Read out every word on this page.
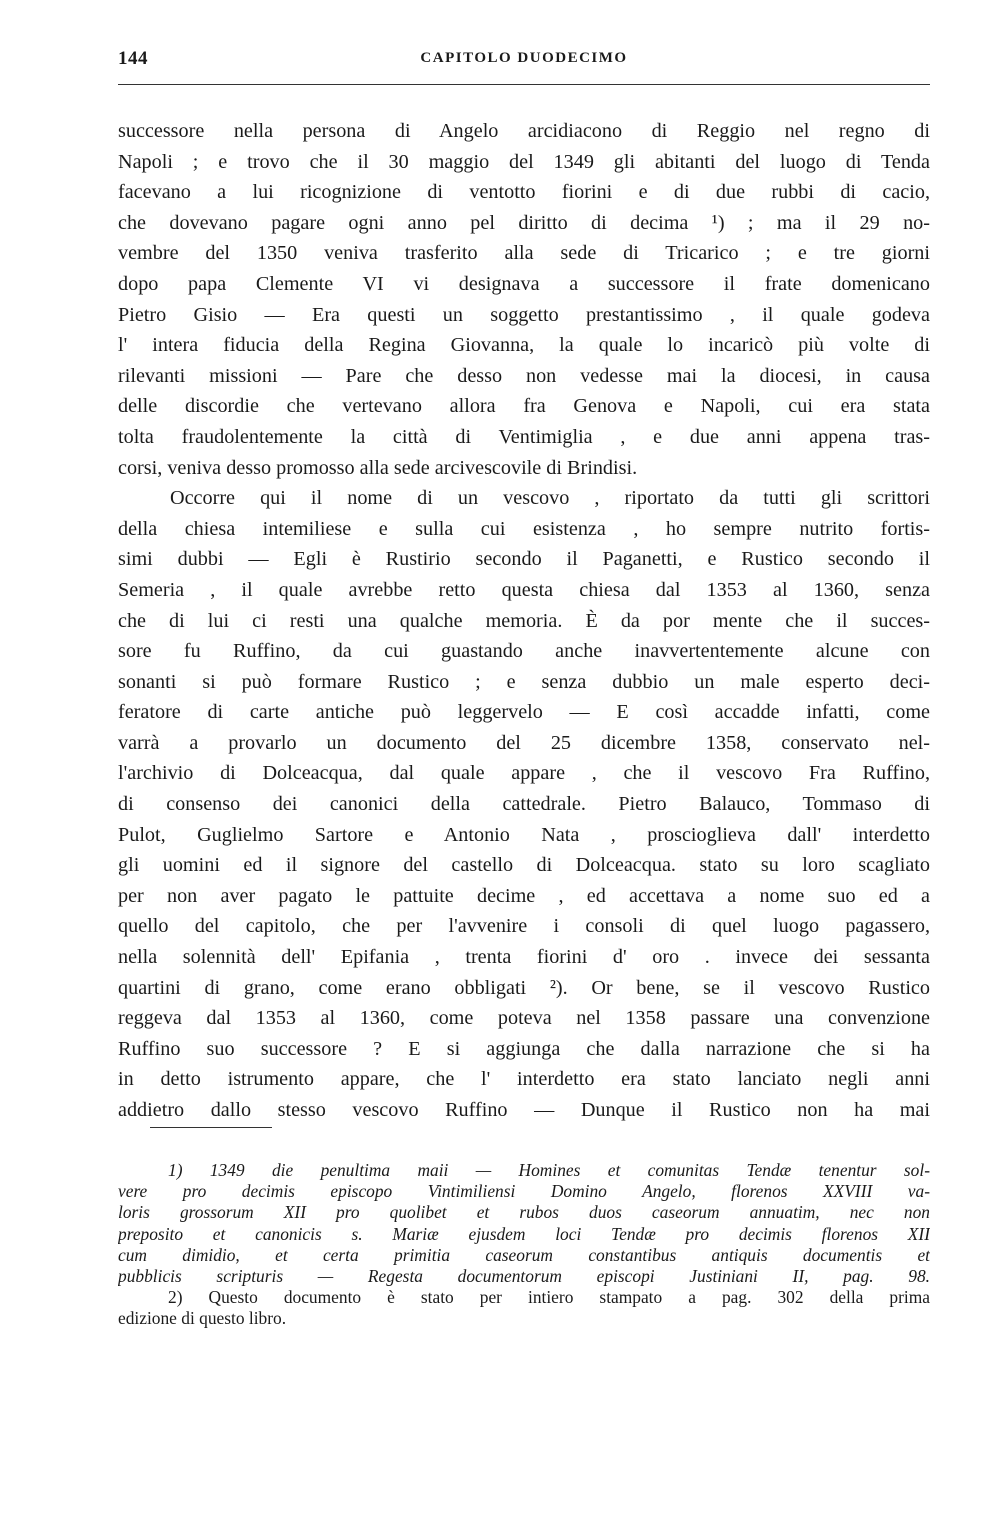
144	CAPITOLO DUODECIMO
successore nella persona di Angelo arcidiacono di Reggio nel regno di
Napoli ; e trovo che il 30 maggio del 1349 gli abitanti del luogo di Tenda
facevano a lui ricognizione di ventotto fiorini e di due rubbi di cacio,
che dovevano pagare ogni anno pel diritto di decima ¹) ; ma il 29 no-
vembre del 1350 veniva trasferito alla sede di Tricarico ; e tre giorni
dopo papa Clemente VI vi designava a successore il frate domenicano
Pietro Gisio — Era questi un soggetto prestantissimo , il quale godeva
l' intera fiducia della Regina Giovanna, la quale lo incaricò più volte di
rilevanti missioni — Pare che desso non vedesse mai la diocesi, in causa
delle discordie che vertevano allora fra Genova e Napoli, cui era stata
tolta fraudolentemente la città di Ventimiglia , e due anni appena tras-
corsi, veniva desso promosso alla sede arcivescovile di Brindisi.
Occorre qui il nome di un vescovo , riportato da tutti gli scrittori
della chiesa intemiliese e sulla cui esistenza , ho sempre nutrito fortis-
simi dubbi — Egli è Rustirio secondo il Paganetti, e Rustico secondo il
Semeria , il quale avrebbe retto questa chiesa dal 1353 al 1360, senza
che di lui ci resti una qualche memoria. È da por mente che il succes-
sore fu Ruffino, da cui guastando anche inavvertentemente alcune con
sonanti si può formare Rustico ; e senza dubbio un male esperto deci-
feratore di carte antiche può leggervelo — E così accadde infatti, come
varrà a provarlo un documento del 25 dicembre 1358, conservato nel-
l'archivio di Dolceacqua, dal quale appare , che il vescovo Fra Ruffino,
di consenso dei canonici della cattedrale. Pietro Balauco, Tommaso di
Pulot, Guglielmo Sartore e Antonio Nata , proscioglieva dall' interdetto
gli uomini ed il signore del castello di Dolceacqua. stato su loro scagliato
per non aver pagato le pattuite decime , ed accettava a nome suo ed a
quello del capitolo, che per l'avvenire i consoli di quel luogo pagassero,
nella solennità dell' Epifania , trenta fiorini d' oro . invece dei sessanta
quartini di grano, come erano obbligati ²). Or bene, se il vescovo Rustico
reggeva dal 1353 al 1360, come poteva nel 1358 passare una convenzione
Ruffino suo successore ? E si aggiunga che dalla narrazione che si ha
in detto istrumento appare, che l' interdetto era stato lanciato negli anni
addietro dallo stesso vescovo Ruffino — Dunque il Rustico non ha mai
1) 1349 die penultima maii — Homines et comunitas Tendæ tenentur sol-
vere pro decimis episcopo Vintimiliensi Domino Angelo, florenos XXVIII va-
loris grossorum XII pro quolibet et rubos duos caseorum annuatim, nec non
preposito et canonicis s. Mariæ ejusdem loci Tendæ pro decimis florenos XII
cum dimidio, et certa primitia caseorum constantibus antiquis documentis et
pubblicis scripturis — Regesta documentorum episcopi Justiniani II, pag. 98.
2) Questo documento è stato per intiero stampato a pag. 302 della prima
edizione di questo libro.
